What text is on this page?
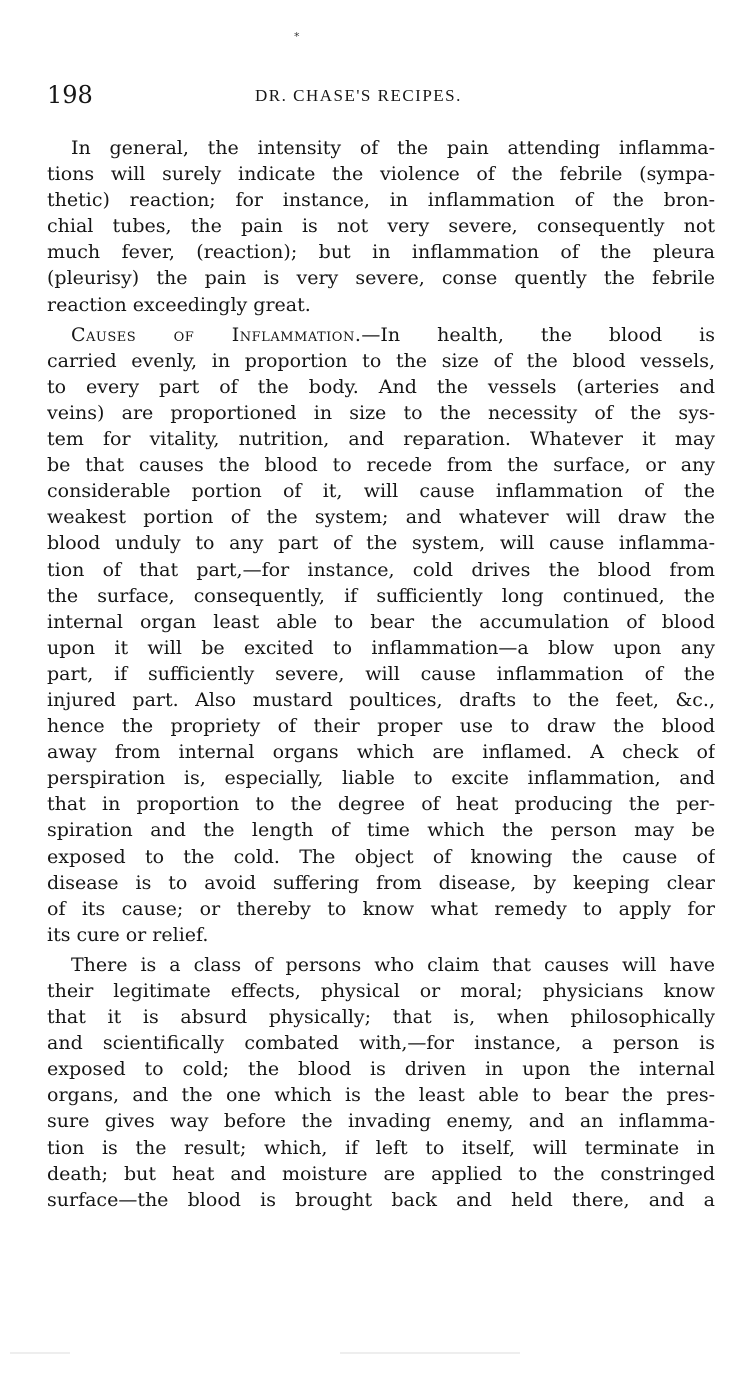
*
198	DR. CHASE'S RECIPES.
In general, the intensity of the pain attending inflamma-
tions will surely indicate the violence of the febrile (sympa-
thetic) reaction; for instance, in inflammation of the bron-
chial tubes, the pain is not very severe, consequently not
much fever, (reaction); but in inflammation of the pleura
(pleurisy) the pain is very severe, conse quently the febrile
reaction exceedingly great.
Causes of Inflammation.—In health, the blood is
carried evenly, in proportion to the size of the blood vessels,
to every part of the body. And the vessels (arteries and
veins) are proportioned in size to the necessity of the sys-
tem for vitality, nutrition, and reparation. Whatever it may
be that causes the blood to recede from the surface, or any
considerable portion of it, will cause inflammation of the
weakest portion of the system; and whatever will draw the
blood unduly to any part of the system, will cause inflamma-
tion of that part,—for instance, cold drives the blood from
the surface, consequently, if sufficiently long continued, the
internal organ least able to bear the accumulation of blood
upon it will be excited to inflammation—a blow upon any
part, if sufficiently severe, will cause inflammation of the
injured part. Also mustard poultices, drafts to the feet, &c.,
hence the propriety of their proper use to draw the blood
away from internal organs which are inflamed. A check of
perspiration is, especially, liable to excite inflammation, and
that in proportion to the degree of heat producing the per-
spiration and the length of time which the person may be
exposed to the cold. The object of knowing the cause of
disease is to avoid suffering from disease, by keeping clear
of its cause; or thereby to know what remedy to apply for
its cure or relief.
There is a class of persons who claim that causes will have
their legitimate effects, physical or moral; physicians know
that it is absurd physically; that is, when philosophically
and scientifically combated with,—for instance, a person is
exposed to cold; the blood is driven in upon the internal
organs, and the one which is the least able to bear the pres-
sure gives way before the invading enemy, and an inflamma-
tion is the result; which, if left to itself, will terminate in
death; but heat and moisture are applied to the constringed
surface—the blood is brought back and held there, and a
